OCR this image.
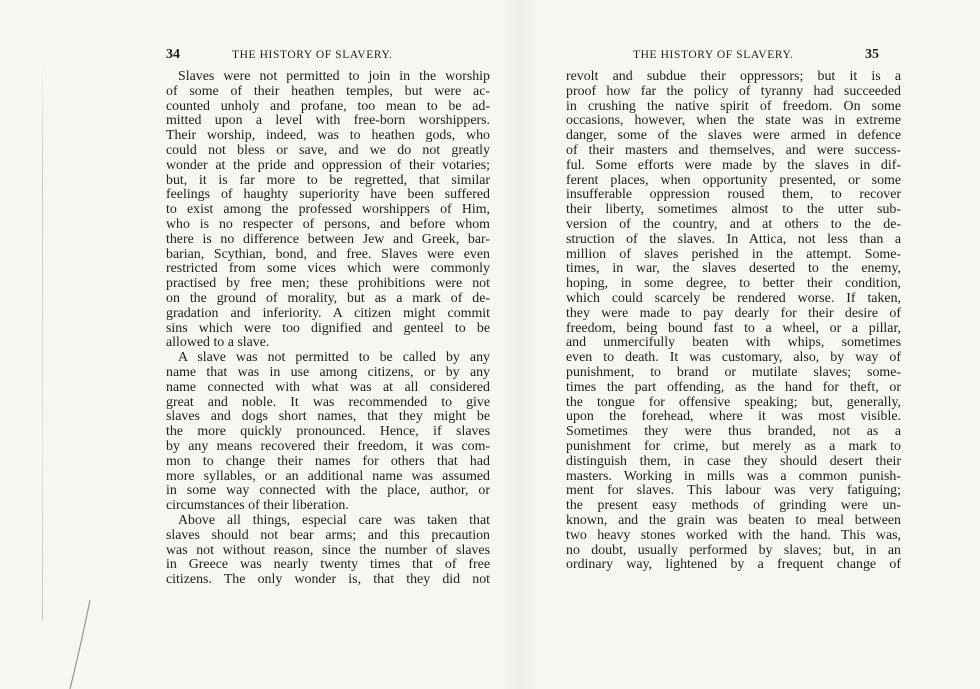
34	THE HISTORY OF SLAVERY.
Slaves were not permitted to join in the worship
of some of their heathen temples, but were ac-
counted unholy and profane, too mean to be ad-
mitted upon a level with free-born worshippers.
Their worship, indeed, was to heathen gods, who
could not bless or save, and we do not greatly
wonder at the pride and oppression of their votaries;
but, it is far more to be regretted, that similar
feelings of haughty superiority have been suffered
to exist among the professed worshippers of Him,
who is no respecter of persons, and before whom
there is no difference between Jew and Greek, bar-
barian, Scythian, bond, and free. Slaves were even
restricted from some vices which were commonly
practised by free men; these prohibitions were not
on the ground of morality, but as a mark of de-
gradation and inferiority. A citizen might commit
sins which were too dignified and genteel to be
allowed to a slave.
A slave was not permitted to be called by any
name that was in use among citizens, or by any
name connected with what was at all considered
great and noble. It was recommended to give
slaves and dogs short names, that they might be
the more quickly pronounced. Hence, if slaves
by any means recovered their freedom, it was com-
mon to change their names for others that had
more syllables, or an additional name was assumed
in some way connected with the place, author, or
circumstances of their liberation.
Above all things, especial care was taken that
slaves should not bear arms; and this precaution
was not without reason, since the number of slaves
in Greece was nearly twenty times that of free
citizens. The only wonder is, that they did not
THE HISTORY OF SLAVERY.	35
revolt and subdue their oppressors; but it is a
proof how far the policy of tyranny had succeeded
in crushing the native spirit of freedom. On some
occasions, however, when the state was in extreme
danger, some of the slaves were armed in defence
of their masters and themselves, and were success-
ful. Some efforts were made by the slaves in dif-
ferent places, when opportunity presented, or some
insufferable oppression roused them, to recover
their liberty, sometimes almost to the utter sub-
version of the country, and at others to the de-
struction of the slaves. In Attica, not less than a
million of slaves perished in the attempt. Some-
times, in war, the slaves deserted to the enemy,
hoping, in some degree, to better their condition,
which could scarcely be rendered worse. If taken,
they were made to pay dearly for their desire of
freedom, being bound fast to a wheel, or a pillar,
and unmercifully beaten with whips, sometimes
even to death. It was customary, also, by way of
punishment, to brand or mutilate slaves; some-
times the part offending, as the hand for theft, or
the tongue for offensive speaking; but, generally,
upon the forehead, where it was most visible.
Sometimes they were thus branded, not as a
punishment for crime, but merely as a mark to
distinguish them, in case they should desert their
masters. Working in mills was a common punish-
ment for slaves. This labour was very fatiguing;
the present easy methods of grinding were un-
known, and the grain was beaten to meal between
two heavy stones worked with the hand. This was,
no doubt, usually performed by slaves; but, in an
ordinary way, lightened by a frequent change of
